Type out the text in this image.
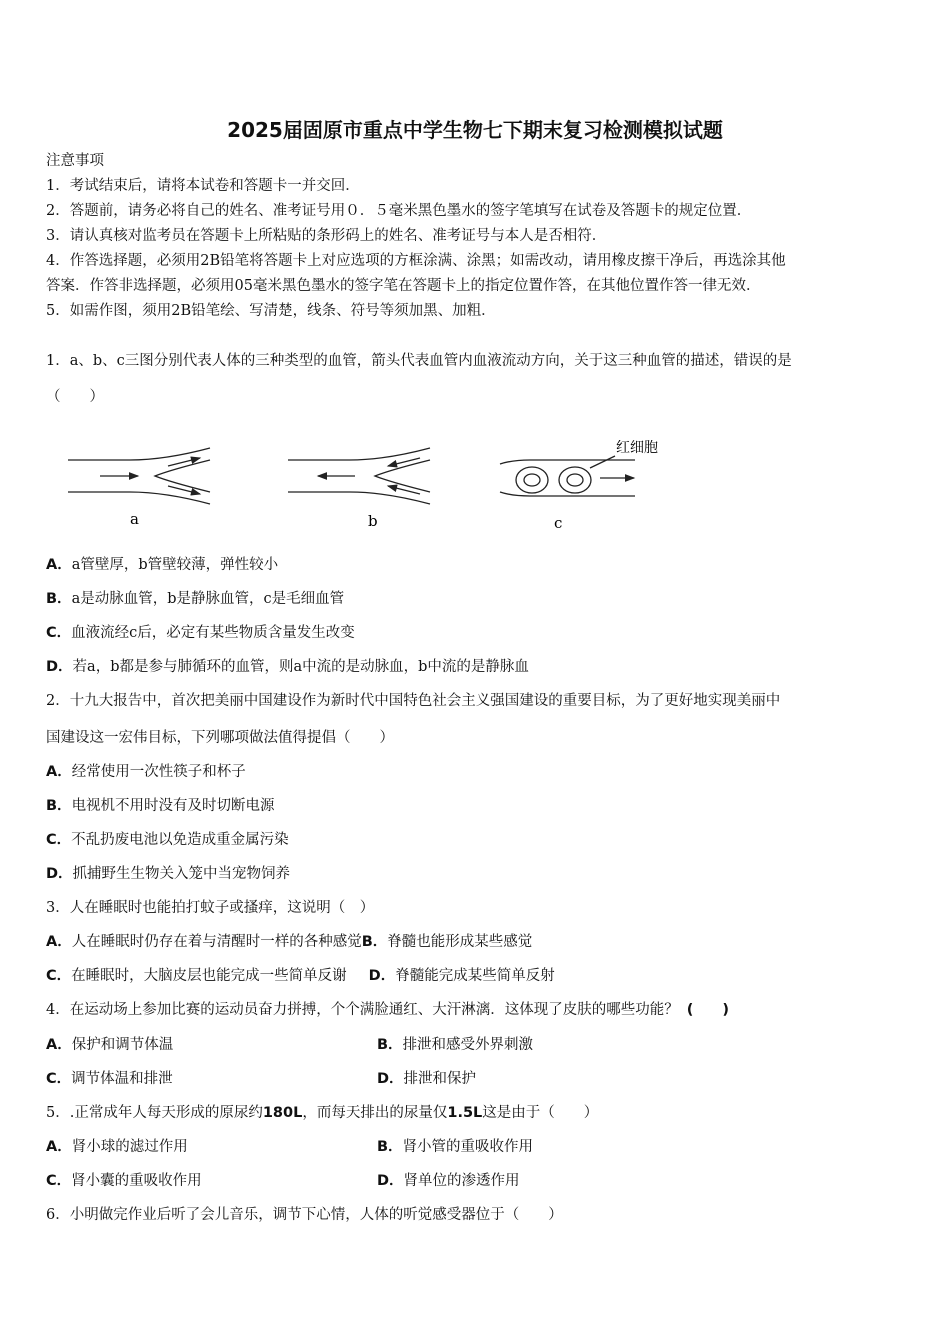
2025届固原市重点中学生物七下期末复习检测模拟试题
注意事项
1．考试结束后，请将本试卷和答题卡一并交回．
2．答题前，请务必将自己的姓名、准考证号用０．５毫米黑色墨水的签字笔填写在试卷及答题卡的规定位置．
3．请认真核对监考员在答题卡上所粘贴的条形码上的姓名、准考证号与本人是否相符．
4．作答选择题，必须用2B铅笔将答题卡上对应选项的方框涂满、涂黑；如需改动，请用橡皮擦干净后，再选涂其他
答案．作答非选择题，必须用05毫米黑色墨水的签字笔在答题卡上的指定位置作答，在其他位置作答一律无效．
5．如需作图，须用2B铅笔绘、写清楚，线条、符号等须加黑、加粗．
1．a、b、c三图分别代表人体的三种类型的血管，箭头代表血管内血液流动方向，关于这三种血管的描述，错误的是
（　　）
a	b	c
红细胞
A．a管壁厚，b管壁较薄，弹性较小
B．a是动脉血管，b是静脉血管，c是毛细血管
C．血液流经c后，必定有某些物质含量发生改变
D．若a，b都是参与肺循环的血管，则a中流的是动脉血，b中流的是静脉血
2．十九大报告中，首次把美丽中国建设作为新时代中国特色社会主义强国建设的重要目标，为了更好地实现美丽中
国建设这一宏伟目标，下列哪项做法值得提倡（　　）
A．经常使用一次性筷子和杯子
B．电视机不用时没有及时切断电源
C．不乱扔废电池以免造成重金属污染
D．抓捕野生生物关入笼中当宠物饲养
3．人在睡眠时也能拍打蚊子或搔痒，这说明（　）
A．人在睡眠时仍存在着与清醒时一样的各种感觉B．脊髓也能形成某些感觉
C．在睡眠时，大脑皮层也能完成一些简单反谢 D．脊髓能完成某些简单反射
4．在运动场上参加比赛的运动员奋力拼搏，个个满脸通红、大汗淋漓．这体现了皮肤的哪些功能？ (　　)
A．保护和调节体温	B．排泄和感受外界刺激
C．调节体温和排泄	D．排泄和保护
5．.正常成年人每天形成的原尿约180L，而每天排出的尿量仅1.5L这是由于（　　）
A．肾小球的滤过作用	B．肾小管的重吸收作用
C．肾小囊的重吸收作用	D．肾单位的渗透作用
6．小明做完作业后听了会儿音乐，调节下心情，人体的听觉感受器位于（　　）
